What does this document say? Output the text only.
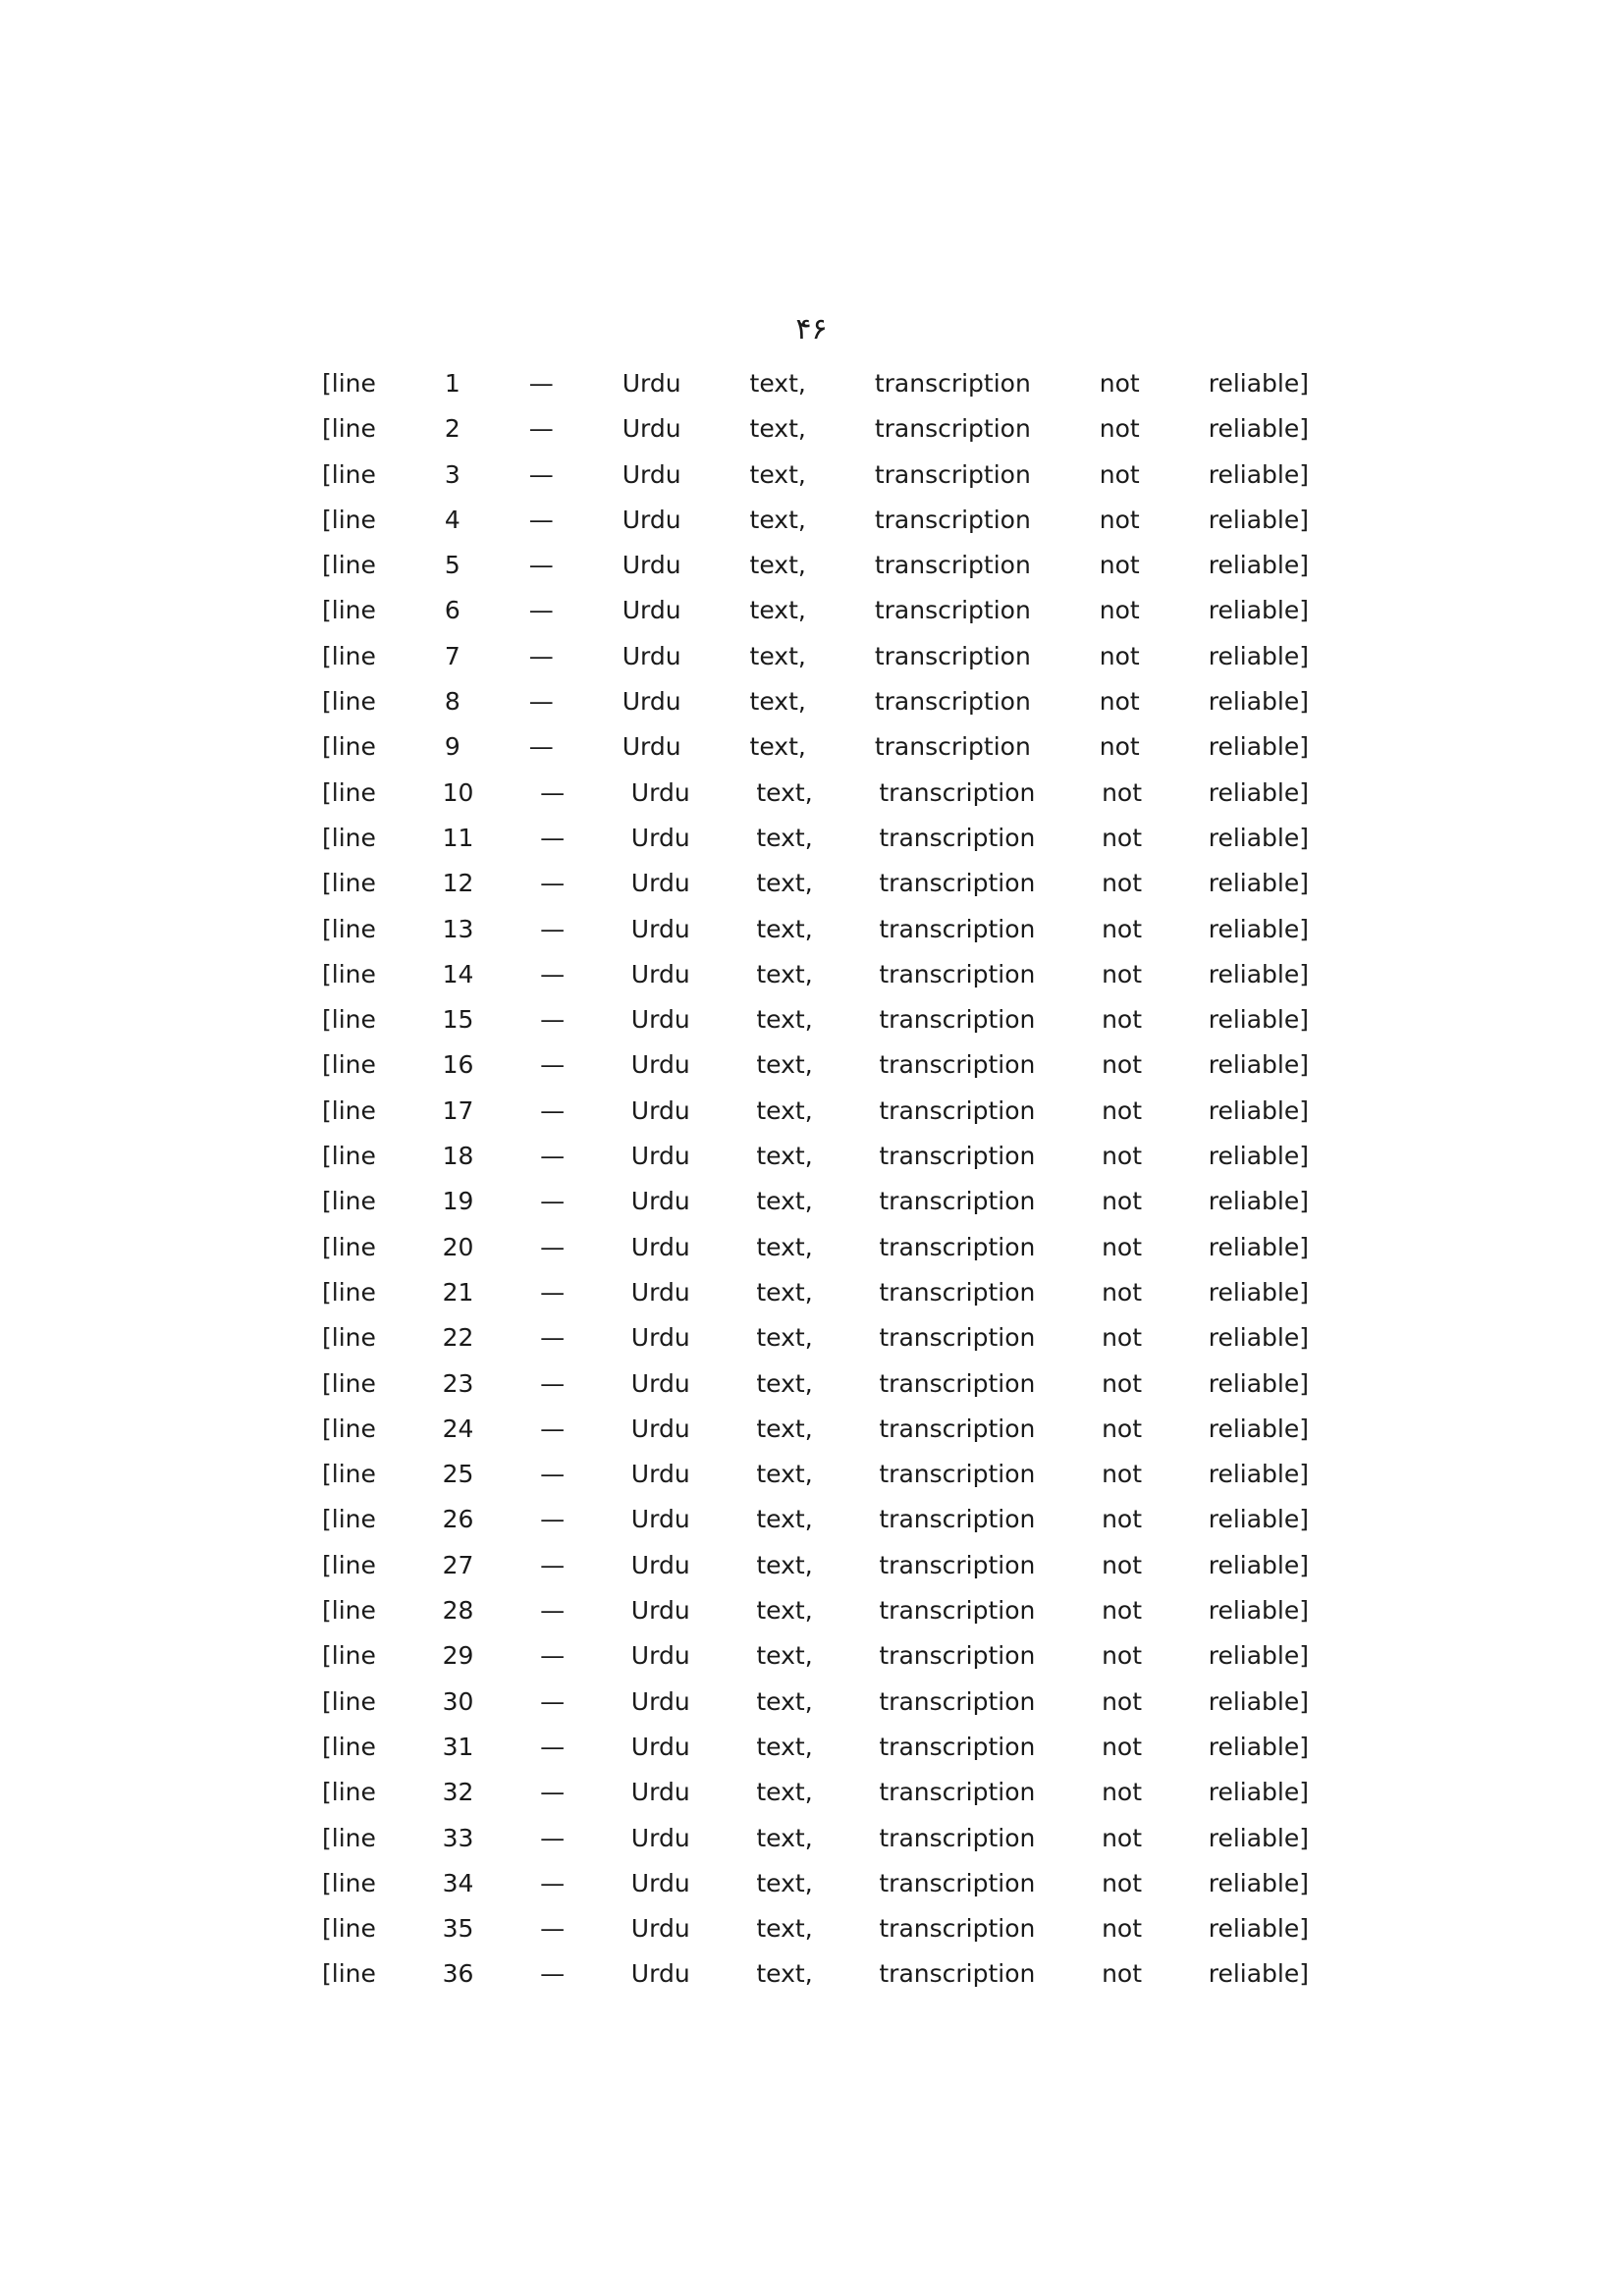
۴۶
[line 1 — Urdu text, transcription not reliable]
[line 2 — Urdu text, transcription not reliable]
[line 3 — Urdu text, transcription not reliable]
[line 4 — Urdu text, transcription not reliable]
[line 5 — Urdu text, transcription not reliable]
[line 6 — Urdu text, transcription not reliable]
[line 7 — Urdu text, transcription not reliable]
[line 8 — Urdu text, transcription not reliable]
[line 9 — Urdu text, transcription not reliable]
[line 10 — Urdu text, transcription not reliable]
[line 11 — Urdu text, transcription not reliable]
[line 12 — Urdu text, transcription not reliable]
[line 13 — Urdu text, transcription not reliable]
[line 14 — Urdu text, transcription not reliable]
[line 15 — Urdu text, transcription not reliable]
[line 16 — Urdu text, transcription not reliable]
[line 17 — Urdu text, transcription not reliable]
[line 18 — Urdu text, transcription not reliable]
[line 19 — Urdu text, transcription not reliable]
[line 20 — Urdu text, transcription not reliable]
[line 21 — Urdu text, transcription not reliable]
[line 22 — Urdu text, transcription not reliable]
[line 23 — Urdu text, transcription not reliable]
[line 24 — Urdu text, transcription not reliable]
[line 25 — Urdu text, transcription not reliable]
[line 26 — Urdu text, transcription not reliable]
[line 27 — Urdu text, transcription not reliable]
[line 28 — Urdu text, transcription not reliable]
[line 29 — Urdu text, transcription not reliable]
[line 30 — Urdu text, transcription not reliable]
[line 31 — Urdu text, transcription not reliable]
[line 32 — Urdu text, transcription not reliable]
[line 33 — Urdu text, transcription not reliable]
[line 34 — Urdu text, transcription not reliable]
[line 35 — Urdu text, transcription not reliable]
[line 36 — Urdu text, transcription not reliable]
